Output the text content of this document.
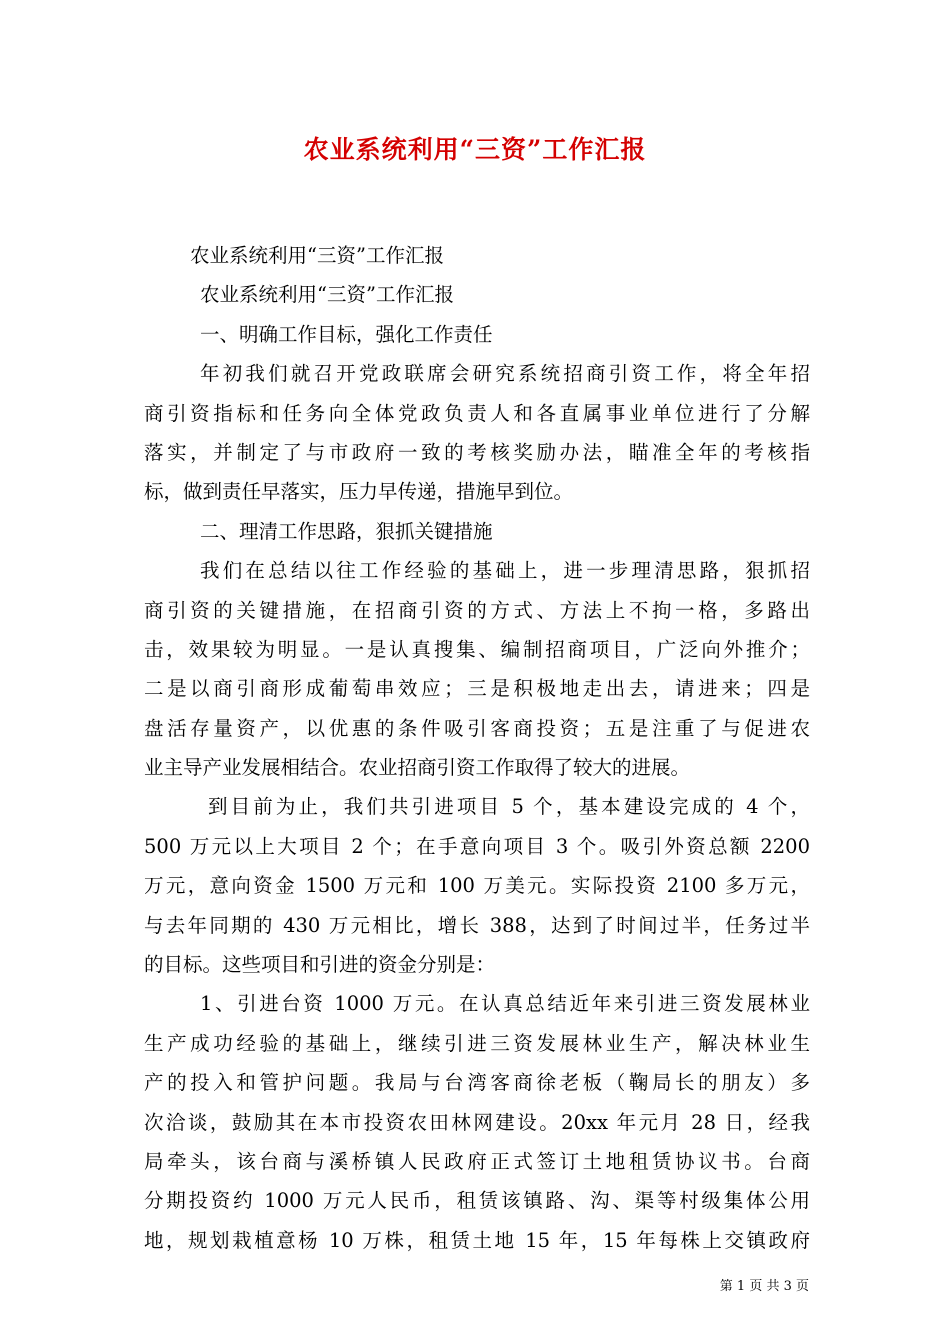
农业系统利用“三资”工作汇报
农业系统利用“三资”工作汇报
农业系统利用“三资”工作汇报
一、明确工作目标，强化工作责任
年初我们就召开党政联席会研究系统招商引资工作，将全年招
商引资指标和任务向全体党政负责人和各直属事业单位进行了分解
落实，并制定了与市政府一致的考核奖励办法，瞄准全年的考核指
标，做到责任早落实，压力早传递，措施早到位。
二、理清工作思路，狠抓关键措施
我们在总结以往工作经验的基础上，进一步理清思路，狠抓招
商引资的关键措施，在招商引资的方式、方法上不拘一格，多路出
击，效果较为明显。一是认真搜集、编制招商项目，广泛向外推介；
二是以商引商形成葡萄串效应；三是积极地走出去，请进来；四是
盘活存量资产，以优惠的条件吸引客商投资；五是注重了与促进农
业主导产业发展相结合。农业招商引资工作取得了较大的进展。
到目前为止，我们共引进项目 5 个，基本建设完成的 4 个，
500 万元以上大项目 2 个；在手意向项目 3 个。吸引外资总额 2200
万元，意向资金 1500 万元和 100 万美元。实际投资 2100 多万元，
与去年同期的 430 万元相比，增长 388，达到了时间过半，任务过半
的目标。这些项目和引进的资金分别是：
1、引进台资 1000 万元。在认真总结近年来引进三资发展林业
生产成功经验的基础上，继续引进三资发展林业生产，解决林业生
产的投入和管护问题。我局与台湾客商徐老板（鞠局长的朋友）多
次洽谈，鼓励其在本市投资农田林网建设。20xx 年元月 28 日，经我
局牵头，该台商与溪桥镇人民政府正式签订土地租赁协议书。台商
分期投资约 1000 万元人民币，租赁该镇路、沟、渠等村级集体公用
地，规划栽植意杨 10 万株，租赁土地 15 年，15 年每株上交镇政府
第 1 页 共 3 页
